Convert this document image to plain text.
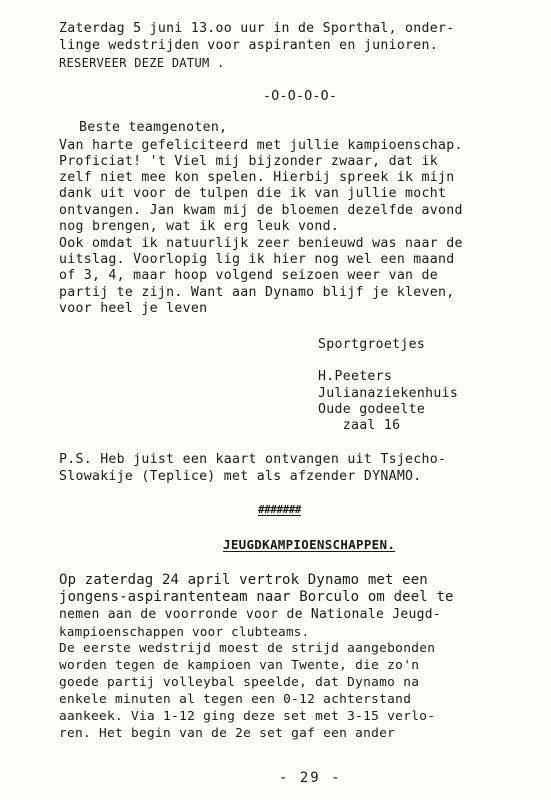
Zaterdag 5 juni 13.oo uur in de Sporthal, onder-
linge wedstrijden voor aspiranten en junioren.
RESERVEER DEZE DATUM .
-O-O-O-O-
Beste teamgenoten,
Van harte gefeliciteerd met jullie kampioenschap.
Proficiat! 't Viel mij bijzonder zwaar, dat ik
zelf niet mee kon spelen. Hierbij spreek ik mijn
dank uit voor de tulpen die ik van jullie mocht
ontvangen. Jan kwam mij de bloemen dezelfde avond
nog brengen, wat ik erg leuk vond.
Ook omdat ik natuurlijk zeer benieuwd was naar de
uitslag. Voorlopig lig ik hier nog wel een maand
of 3, 4, maar hoop volgend seizoen weer van de
partij te zijn. Want aan Dynamo blijf je kleven,
voor heel je leven
Sportgroetjes
H.Peeters
Julianaziekenhuis
Oude godeelte
zaal 16
P.S. Heb juist een kaart ontvangen uit Tsjecho-
Slowakije (Teplice) met als afzender DYNAMO.
#######
JEUGDKAMPIOENSCHAPPEN.
Op zaterdag 24 april vertrok Dynamo met een
jongens-aspirantenteam naar Borculo om deel te
nemen aan de voorronde voor de Nationale Jeugd-
kampioenschappen voor clubteams.
De eerste wedstrijd moest de strijd aangebonden
worden tegen de kampioen van Twente, die zo'n
goede partij volleybal speelde, dat Dynamo na
enkele minuten al tegen een 0-12 achterstand
aankeek. Via 1-12 ging deze set met 3-15 verlo-
ren. Het begin van de 2e set gaf een ander
- 29 -
